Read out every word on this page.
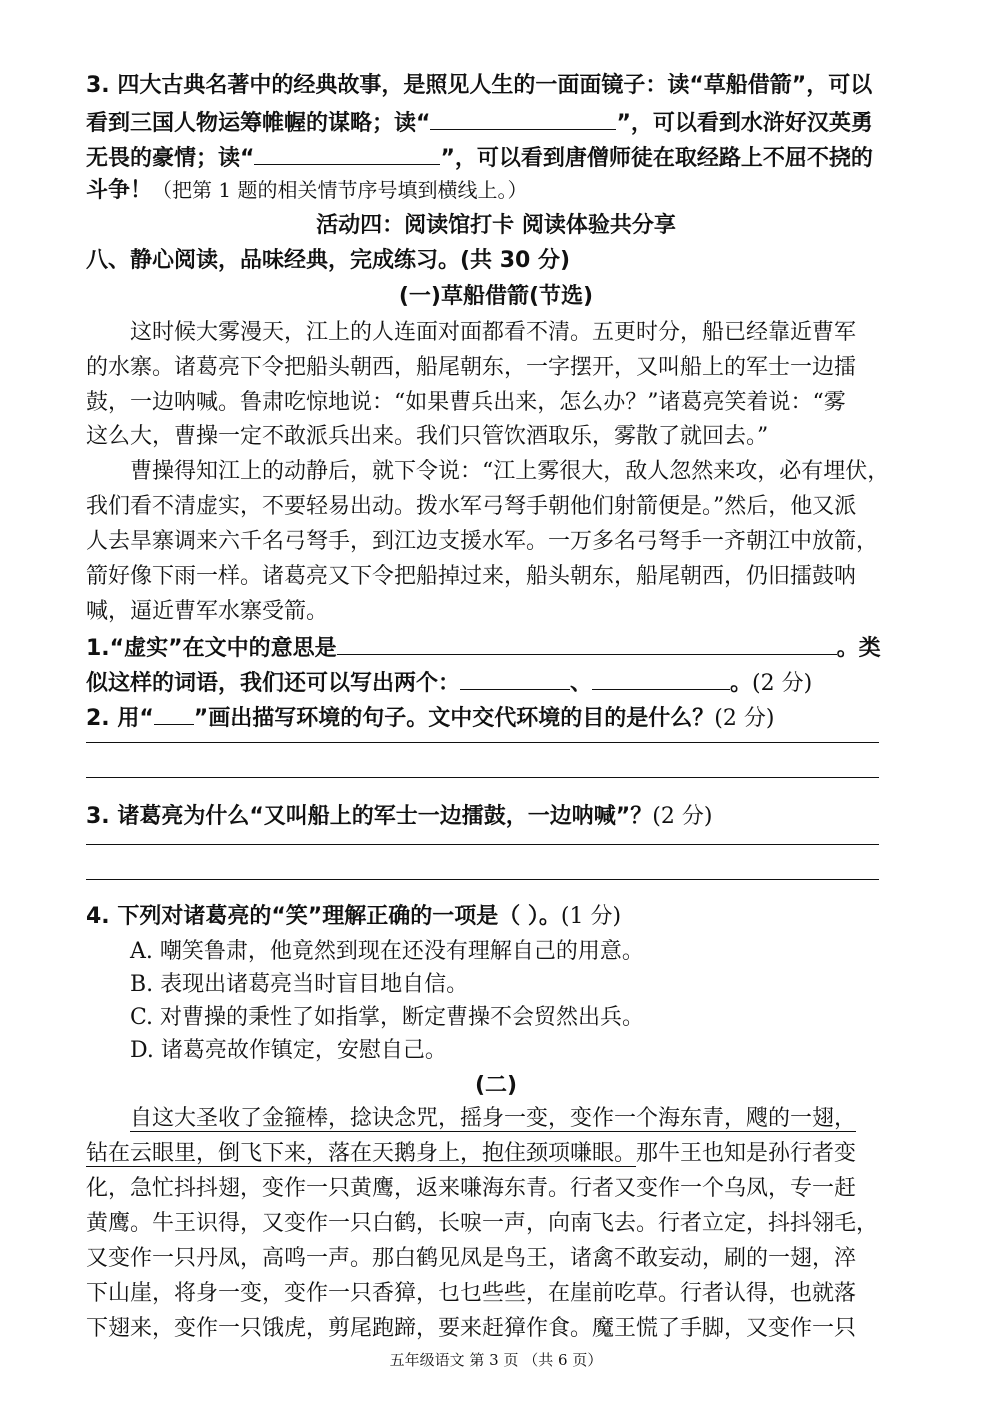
3. 四大古典名著中的经典故事，是照见人生的一面面镜子：读“草船借箭”，可以
看到三国人物运筹帷幄的谋略；读“	”，可以看到水浒好汉英勇
无畏的豪情；读“	”，可以看到唐僧师徒在取经路上不屈不挠的
斗争！（把第 1 题的相关情节序号填到横线上。）
活动四：阅读馆打卡 阅读体验共分享
八、静心阅读，品味经典，完成练习。(共 30 分)
(一)草船借箭(节选)
这时候大雾漫天，江上的人连面对面都看不清。五更时分，船已经靠近曹军
的水寨。诸葛亮下令把船头朝西，船尾朝东，一字摆开，又叫船上的军士一边擂
鼓，一边呐喊。鲁肃吃惊地说：“如果曹兵出来，怎么办？”诸葛亮笑着说：“雾
这么大，曹操一定不敢派兵出来。我们只管饮酒取乐，雾散了就回去。”
曹操得知江上的动静后，就下令说：“江上雾很大，敌人忽然来攻，必有埋伏，
我们看不清虚实，不要轻易出动。拨水军弓弩手朝他们射箭便是。”然后，他又派
人去旱寨调来六千名弓弩手，到江边支援水军。一万多名弓弩手一齐朝江中放箭，
箭好像下雨一样。诸葛亮又下令把船掉过来，船头朝东，船尾朝西，仍旧擂鼓呐
喊，逼近曹军水寨受箭。
1.“虚实”在文中的意思是	。类
似这样的词语，我们还可以写出两个：	、	。(2 分)
2. 用“ ”画出描写环境的句子。文中交代环境的目的是什么？(2 分)
3. 诸葛亮为什么“又叫船上的军士一边擂鼓，一边呐喊”？(2 分)
4. 下列对诸葛亮的“笑”理解正确的一项是（ ）。(1 分)
A. 嘲笑鲁肃，他竟然到现在还没有理解自己的用意。
B. 表现出诸葛亮当时盲目地自信。
C. 对曹操的秉性了如指掌，断定曹操不会贸然出兵。
D. 诸葛亮故作镇定，安慰自己。
(二)
自这大圣收了金箍棒，捻诀念咒，摇身一变，变作一个海东青，飕的一翅，
钻在云眼里，倒飞下来，落在天鹅身上，抱住颈项嗛眼。那牛王也知是孙行者变
化，急忙抖抖翅，变作一只黄鹰，返来嗛海东青。行者又变作一个乌凤，专一赶
黄鹰。牛王识得，又变作一只白鹤，长唳一声，向南飞去。行者立定，抖抖翎毛，
又变作一只丹凤，高鸣一声。那白鹤见凤是鸟王，诸禽不敢妄动，刷的一翅，淬
下山崖，将身一变，变作一只香獐，乜乜些些，在崖前吃草。行者认得，也就落
下翅来，变作一只饿虎，剪尾跑蹄，要来赶獐作食。魔王慌了手脚，又变作一只
五年级语文 第 3 页 （共 6 页）
